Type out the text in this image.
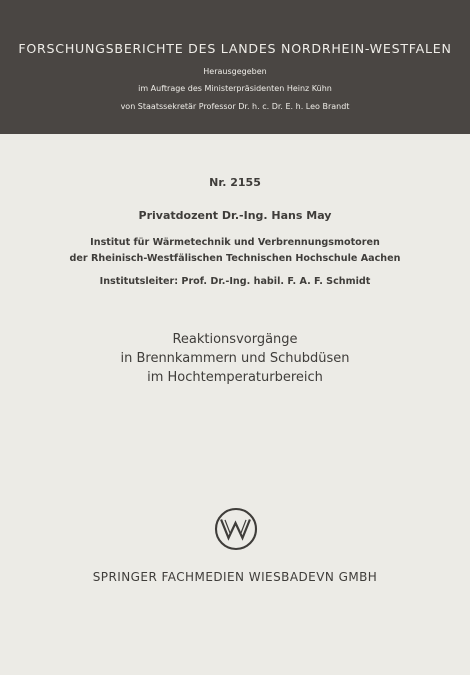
FORSCHUNGSBERICHTE DES LANDES NORDRHEIN-WESTFALEN
Herausgegeben
im Auftrage des Ministerpräsidenten Heinz Kühn
von Staatssekretär Professor Dr. h. c. Dr. E. h. Leo Brandt
Nr. 2155
Privatdozent Dr.-Ing. Hans May
Institut für Wärmetechnik und Verbrennungsmotoren
der Rheinisch-Westfälischen Technischen Hochschule Aachen
Institutsleiter: Prof. Dr.-Ing. habil. F. A. F. Schmidt
Reaktionsvorgänge
in Brennkammern und Schubdüsen
im Hochtemperaturbereich
SPRINGER FACHMEDIEN WIESBADEVN GMBH
